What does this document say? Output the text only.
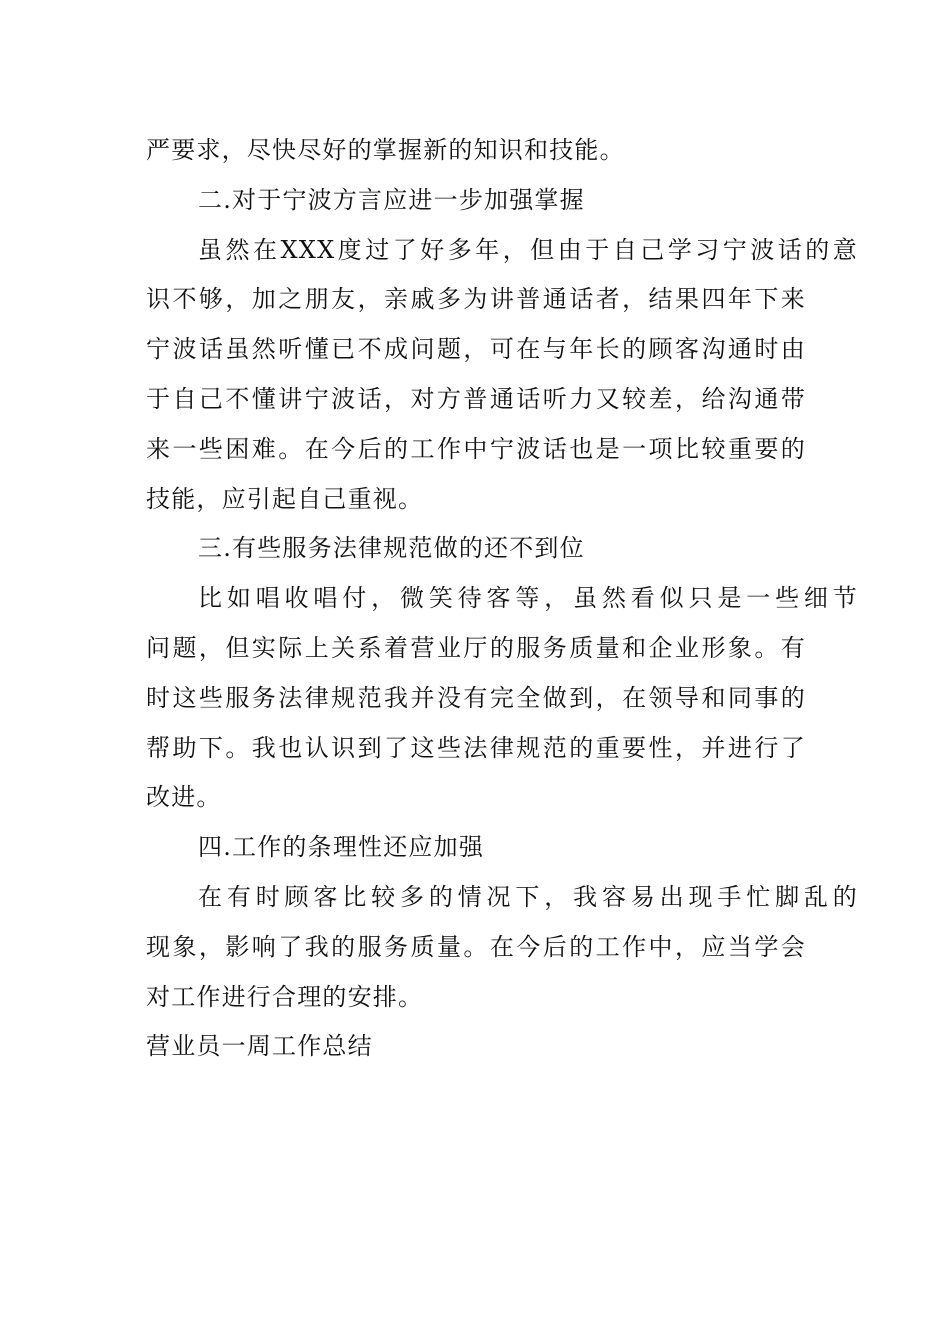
严要求，尽快尽好的掌握新的知识和技能。
二.对于宁波方言应进一步加强掌握
虽然在XXX度过了好多年，但由于自己学习宁波话的意
识不够，加之朋友，亲戚多为讲普通话者，结果四年下来
宁波话虽然听懂已不成问题，可在与年长的顾客沟通时由
于自己不懂讲宁波话，对方普通话听力又较差，给沟通带
来一些困难。在今后的工作中宁波话也是一项比较重要的
技能，应引起自己重视。
三.有些服务法律规范做的还不到位
比如唱收唱付，微笑待客等，虽然看似只是一些细节
问题，但实际上关系着营业厅的服务质量和企业形象。有
时这些服务法律规范我并没有完全做到，在领导和同事的
帮助下。我也认识到了这些法律规范的重要性，并进行了
改进。
四.工作的条理性还应加强
在有时顾客比较多的情况下，我容易出现手忙脚乱的
现象，影响了我的服务质量。在今后的工作中，应当学会
对工作进行合理的安排。
营业员一周工作总结
